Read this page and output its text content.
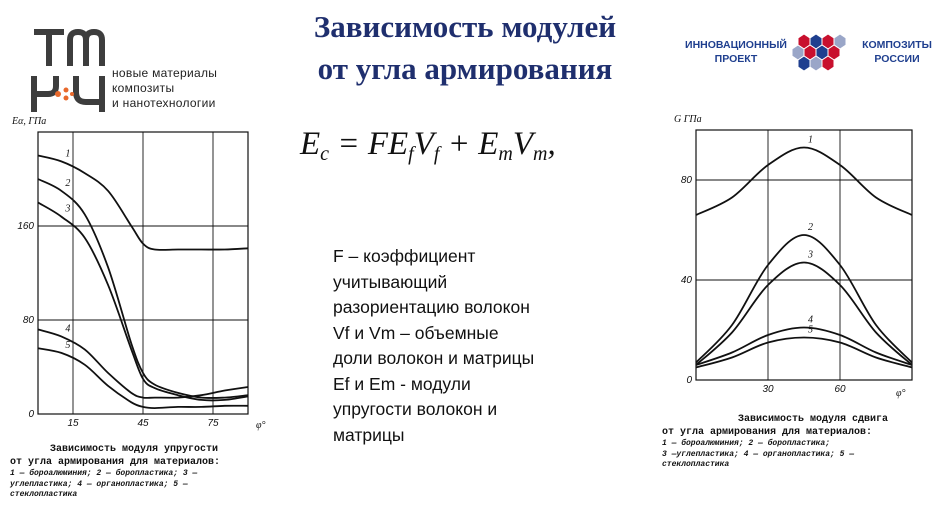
Зависимость модулей
от угла армирования
новые материалы
композиты
и нанотехнологии
ИННОВАЦИОННЫЙ
ПРОЕКТ
КОМПОЗИТЫ
РОССИИ
$E_c = FE_fV_f + E_mV_m$,
F – коэффициент
учитывающий
разориентацию волокон
Vf и Vm – объемные
доли волокон и матрицы
Ef и Em - модули
упругости волокон и
матрицы
Eα, ГПа
φ°
15	45	75
0
80
160
1
2
3
4
5
Зависимость модуля упругости
от угла армирования для материалов:
1 — бороалюминия; 2 — боропластика; 3 —
углепластика; 4 — органопластика; 5 —
стеклопластика
G ГПа
φ°
30	60
0
40
80
1
2
3
4
5
Зависимость модуля сдвига
от угла армирования для материалов:
1 — бороалюминия; 2 — боропластика;
3 —углепластика; 4 — органопластика; 5 —
стеклопластика
